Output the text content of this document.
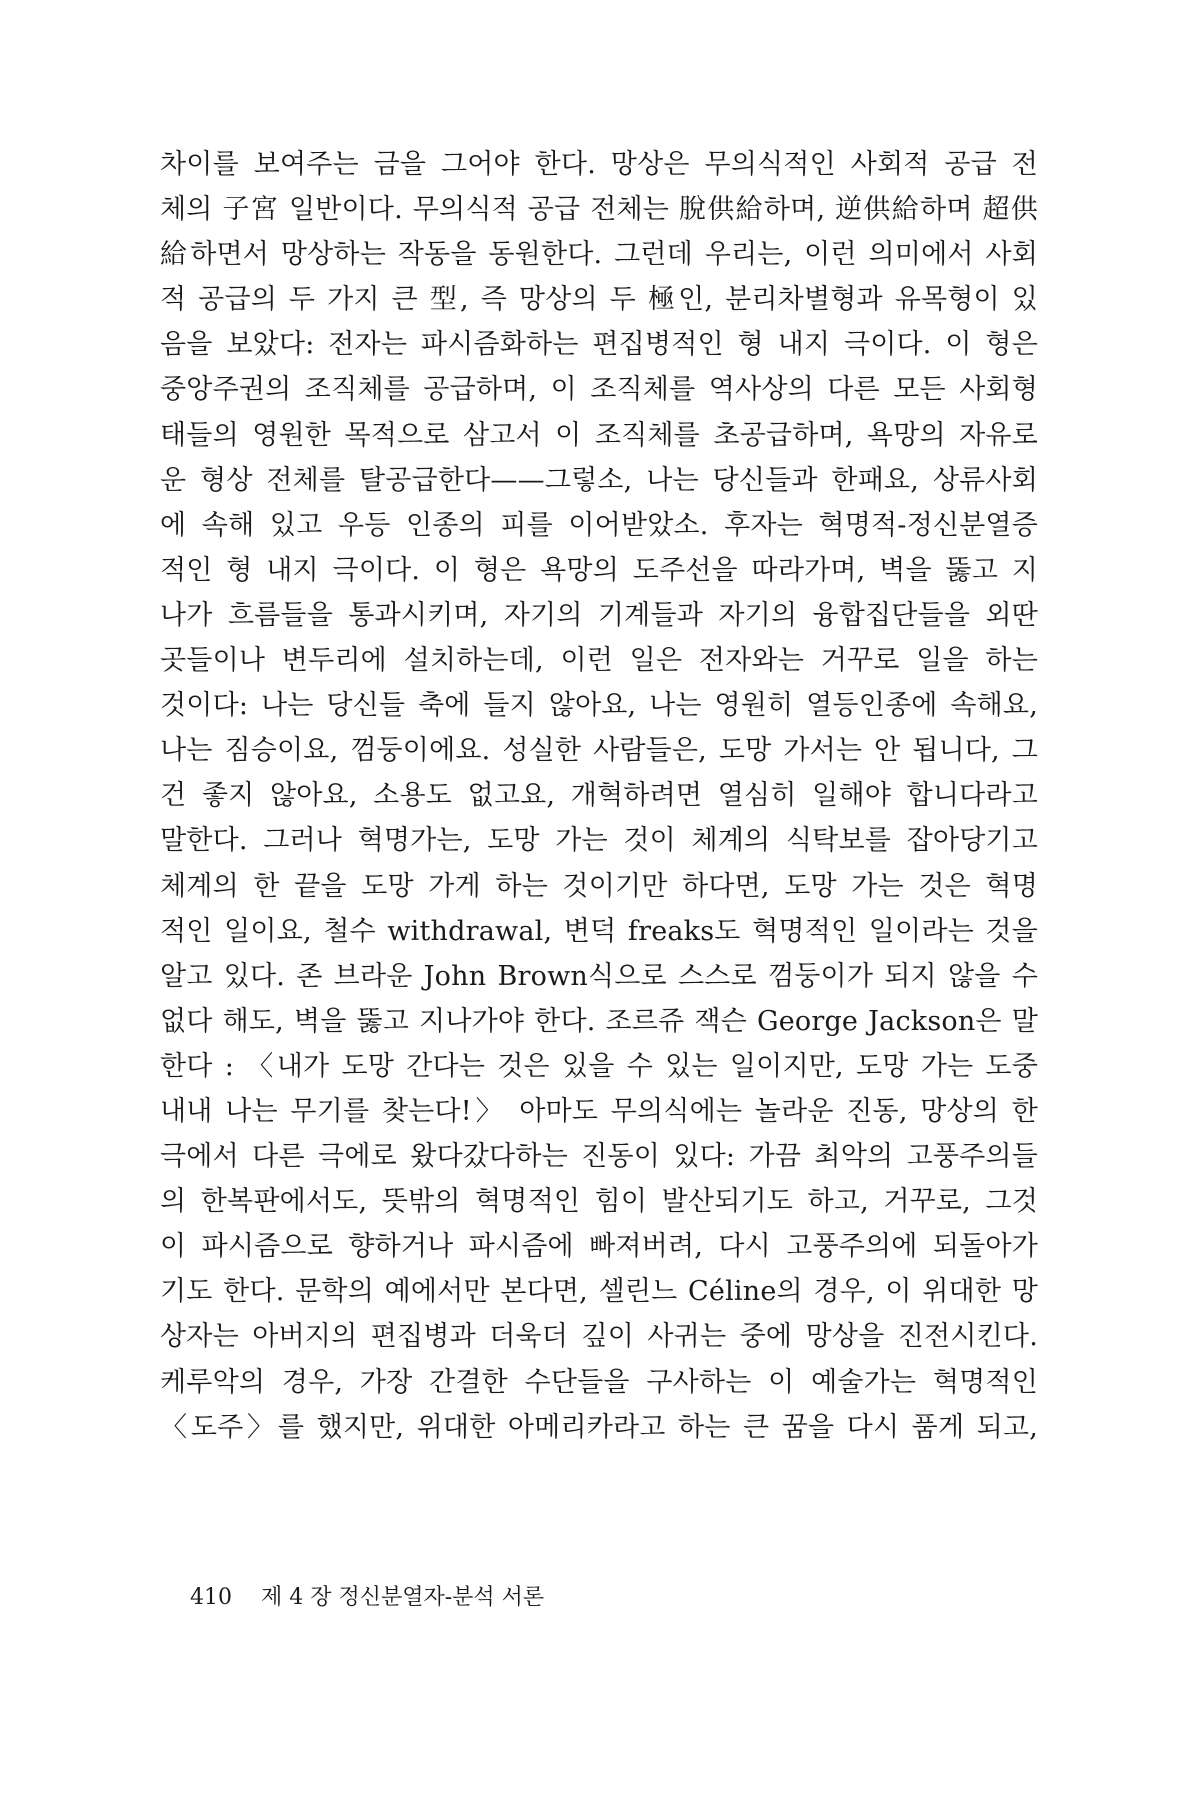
차이를 보여주는 금을 그어야 한다. 망상은 무의식적인 사회적 공급 전
체의 子宮 일반이다. 무의식적 공급 전체는 脫供給하며, 逆供給하며 超供
給하면서 망상하는 작동을 동원한다. 그런데 우리는, 이런 의미에서 사회
적 공급의 두 가지 큰 型, 즉 망상의 두 極인, 분리차별형과 유목형이 있
음을 보았다: 전자는 파시즘화하는 편집병적인 형 내지 극이다. 이 형은
중앙주권의 조직체를 공급하며, 이 조직체를 역사상의 다른 모든 사회형
태들의 영원한 목적으로 삼고서 이 조직체를 초공급하며, 욕망의 자유로
운 형상 전체를 탈공급한다——그렇소, 나는 당신들과 한패요, 상류사회
에 속해 있고 우등 인종의 피를 이어받았소. 후자는 혁명적-정신분열증
적인 형 내지 극이다. 이 형은 욕망의 도주선을 따라가며, 벽을 뚫고 지
나가 흐름들을 통과시키며, 자기의 기계들과 자기의 융합집단들을 외딴
곳들이나 변두리에 설치하는데, 이런 일은 전자와는 거꾸로 일을 하는
것이다: 나는 당신들 축에 들지 않아요, 나는 영원히 열등인종에 속해요,
나는 짐승이요, 껌둥이에요. 성실한 사람들은, 도망 가서는 안 됩니다, 그
건 좋지 않아요, 소용도 없고요, 개혁하려면 열심히 일해야 합니다라고
말한다. 그러나 혁명가는, 도망 가는 것이 체계의 식탁보를 잡아당기고
체계의 한 끝을 도망 가게 하는 것이기만 하다면, 도망 가는 것은 혁명
적인 일이요, 철수 withdrawal, 변덕 freaks도 혁명적인 일이라는 것을
알고 있다. 존 브라운 John Brown식으로 스스로 껌둥이가 되지 않을 수
없다 해도, 벽을 뚫고 지나가야 한다. 조르쥬 잭슨 George Jackson은 말
한다 : 〈내가 도망 간다는 것은 있을 수 있는 일이지만, 도망 가는 도중
내내 나는 무기를 찾는다!〉 아마도 무의식에는 놀라운 진동, 망상의 한
극에서 다른 극에로 왔다갔다하는 진동이 있다: 가끔 최악의 고풍주의들
의 한복판에서도, 뜻밖의 혁명적인 힘이 발산되기도 하고, 거꾸로, 그것
이 파시즘으로 향하거나 파시즘에 빠져버려, 다시 고풍주의에 되돌아가
기도 한다. 문학의 예에서만 본다면, 셀린느 Céline의 경우, 이 위대한 망
상자는 아버지의 편집병과 더욱더 깊이 사귀는 중에 망상을 진전시킨다.
케루악의 경우, 가장 간결한 수단들을 구사하는 이 예술가는 혁명적인
〈도주〉를 했지만, 위대한 아메리카라고 하는 큰 꿈을 다시 품게 되고,
410 제 4 장 정신분열자-분석 서론
